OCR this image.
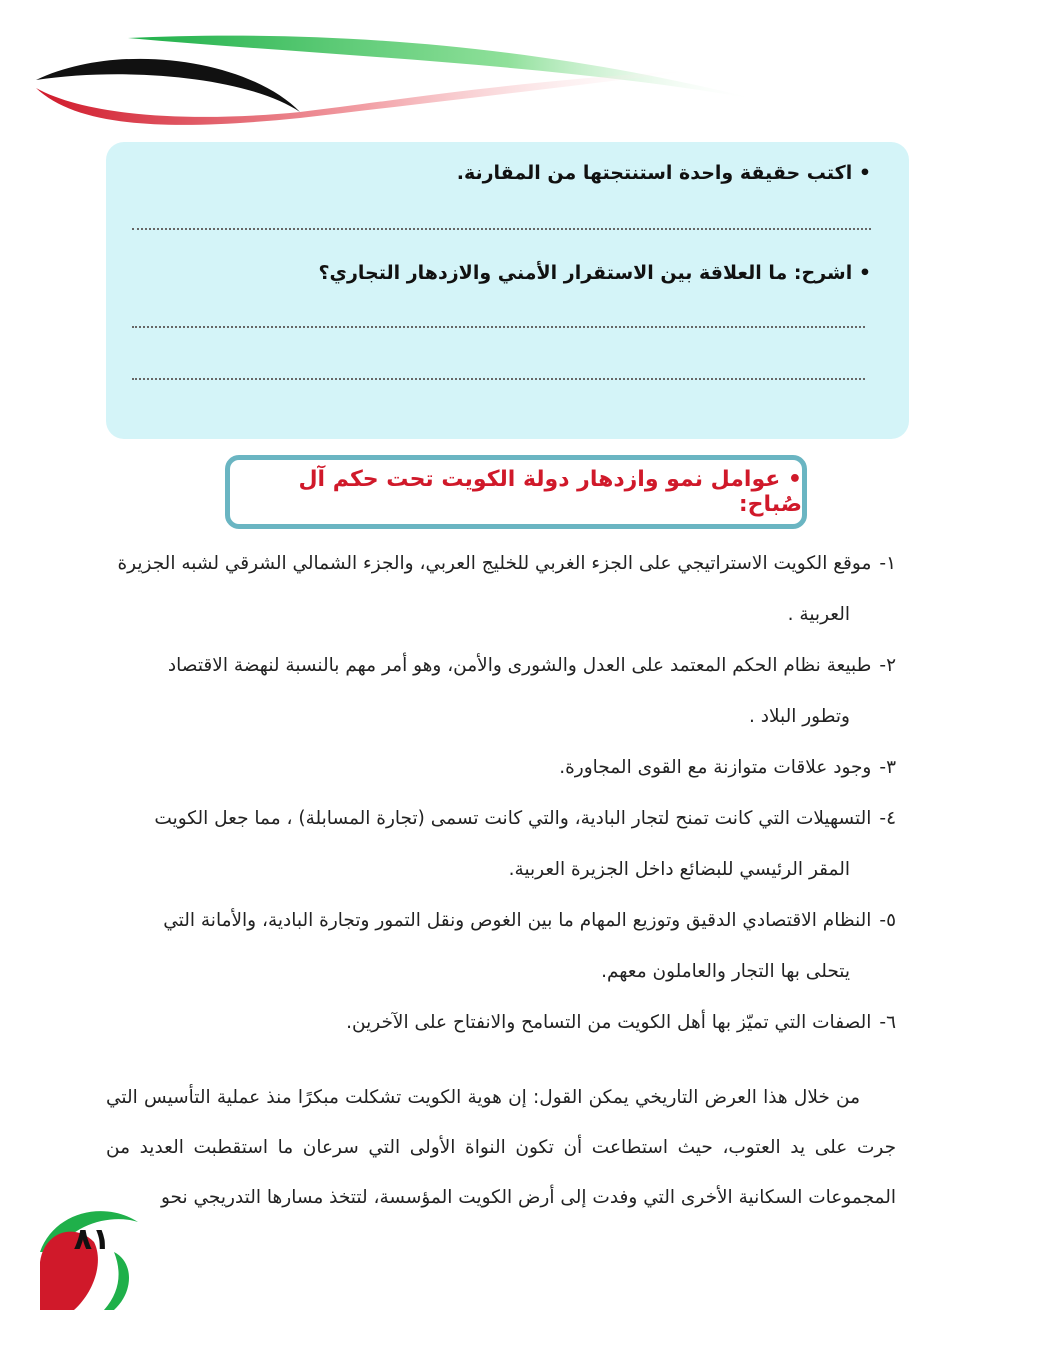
• اكتب حقيقة واحدة استنتجتها من المقارنة.
• اشرح: ما العلاقة بين الاستقرار الأمني والازدهار التجاري؟
• عوامل نمو وازدهار دولة الكويت تحت حكم آل صُباح:
١-موقع الكويت الاستراتيجي على الجزء الغربي للخليج العربي، والجزء الشمالي الشرقي لشبه الجزيرة
العربية .
٢-طبيعة نظام الحكم المعتمد على العدل والشورى والأمن، وهو أمر مهم بالنسبة لنهضة الاقتصاد
وتطور البلاد .
٣-وجود علاقات متوازنة مع القوى المجاورة.
٤-التسهيلات التي كانت تمنح لتجار البادية، والتي كانت تسمى (تجارة المسابلة) ، مما جعل الكويت
المقر الرئيسي للبضائع داخل الجزيرة العربية.
٥-النظام الاقتصادي الدقيق وتوزيع المهام ما بين الغوص ونقل التمور وتجارة البادية، والأمانة التي
يتحلى بها التجار والعاملون معهم.
٦-الصفات التي تميّز بها أهل الكويت من التسامح والانفتاح على الآخرين.

من خلال هذا العرض التاريخي يمكن القول: إن هوية الكويت تشكلت مبكرًا منذ عملية التأسيس التي جرت على يد العتوب، حيث استطاعت أن تكون النواة الأولى التي سرعان ما استقطبت العديد من المجموعات السكانية الأخرى التي وفدت إلى أرض الكويت المؤسسة، لتتخذ مسارها التدريجي نحو

٨١
